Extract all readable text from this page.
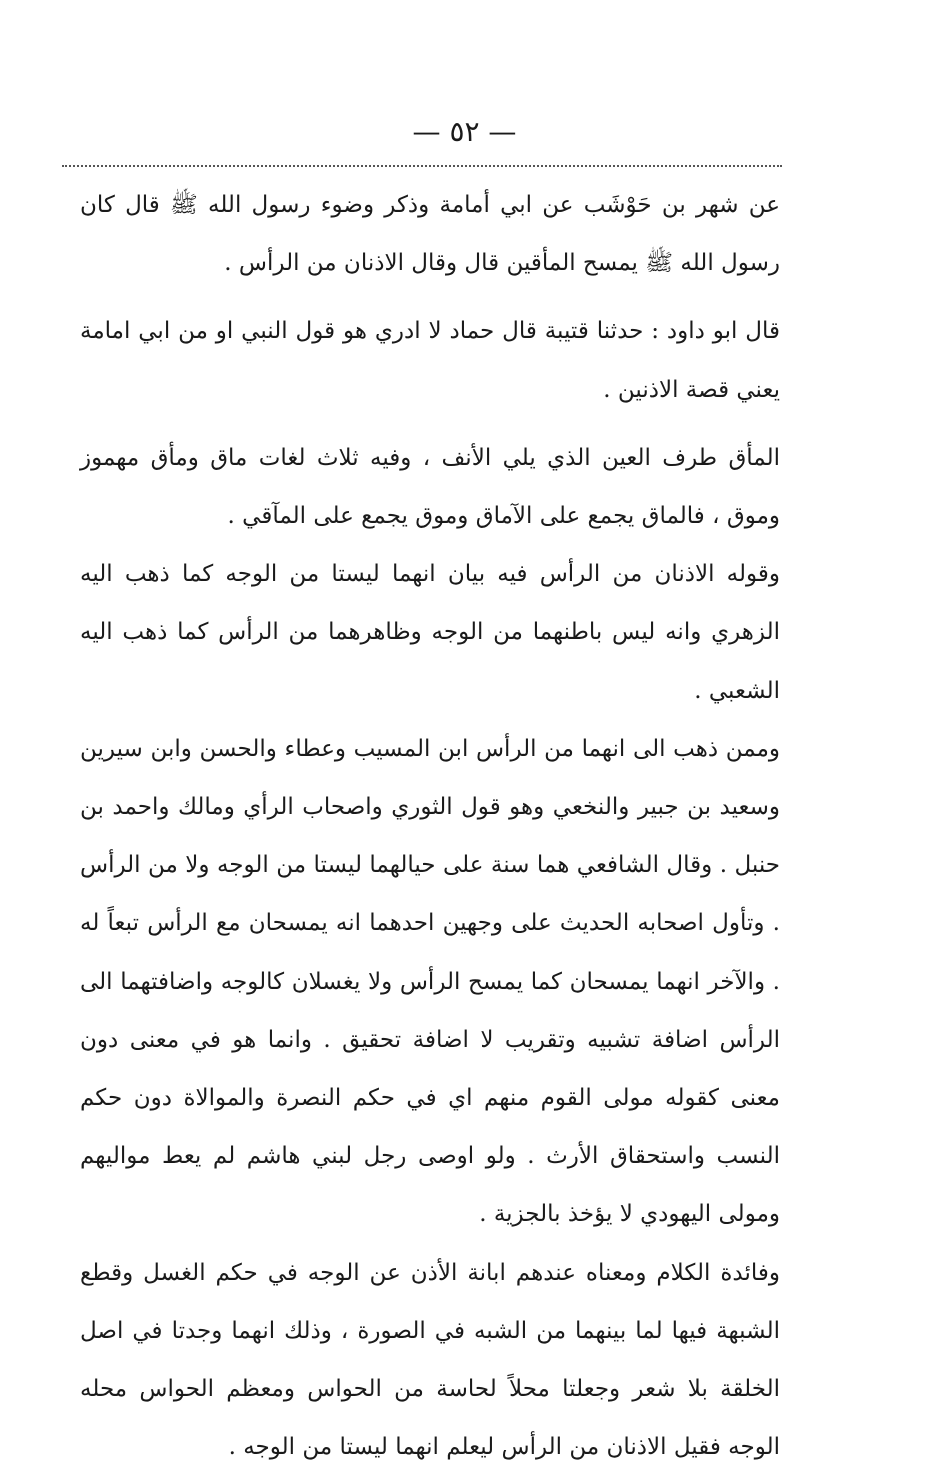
— ٥٢ —

عن شهر بن حَوْشَب عن ابي أمامة وذكر وضوء رسول الله ﷺ قال كان رسول الله ﷺ يمسح المأقين قال وقال الاذنان من الرأس .

قال ابو داود : حدثنا قتيبة قال حماد لا ادري هو قول النبي او من ابي امامة يعني قصة الاذنين .

المأق طرف العين الذي يلي الأنف ، وفيه ثلاث لغات ماق ومأق مهموز وموق ، فالماق يجمع على الآماق وموق يجمع على المآقي .

وقوله الاذنان من الرأس فيه بيان انهما ليستا من الوجه كما ذهب اليه الزهري وانه ليس باطنهما من الوجه وظاهرهما من الرأس كما ذهب اليه الشعبي .

وممن ذهب الى انهما من الرأس ابن المسيب وعطاء والحسن وابن سيرين وسعيد بن جبير والنخعي وهو قول الثوري واصحاب الرأي ومالك واحمد بن حنبل . وقال الشافعي هما سنة على حيالهما ليستا من الوجه ولا من الرأس . وتأول اصحابه الحديث على وجهين احدهما انه يمسحان مع الرأس تبعاً له . والآخر انهما يمسحان كما يمسح الرأس ولا يغسلان كالوجه واضافتهما الى الرأس اضافة تشبيه وتقريب لا اضافة تحقيق . وانما هو في معنى دون معنى كقوله مولى القوم منهم اي في حكم النصرة والموالاة دون حكم النسب واستحقاق الأرث . ولو اوصى رجل لبني هاشم لم يعط مواليهم ومولى اليهودي لا يؤخذ بالجزية .

وفائدة الكلام ومعناه عندهم ابانة الأذن عن الوجه في حكم الغسل وقطع الشبهة فيها لما بينهما من الشبه في الصورة ، وذلك انهما وجدتا في اصل الخلقة بلا شعر وجعلتا محلاً لحاسة من الحواس ومعظم الحواس محله الوجه فقيل الاذنان من الرأس ليعلم انهما ليستا من الوجه .
